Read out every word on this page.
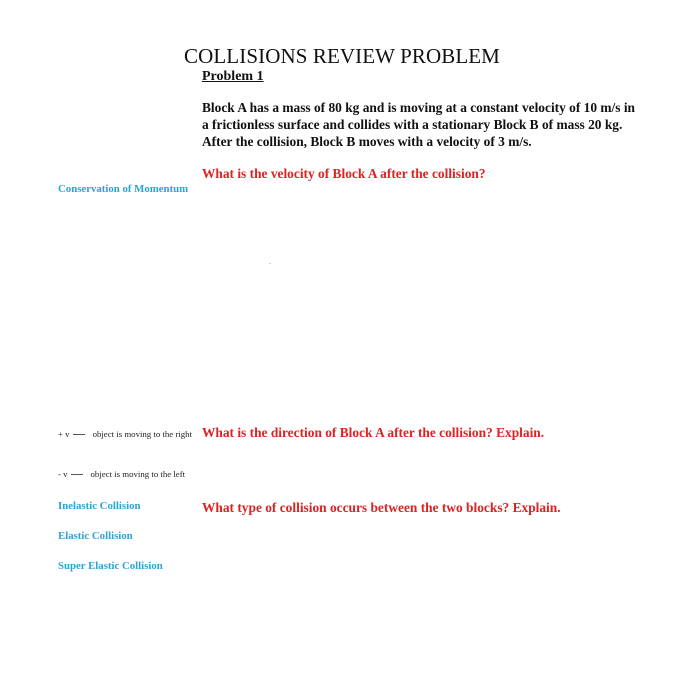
COLLISIONS REVIEW PROBLEM
Problem 1
Block A has a mass of 80 kg and is moving at a constant velocity of 10 m/s in a frictionless surface and collides with a stationary Block B of mass 20 kg. After the collision, Block B moves with a velocity of 3 m/s.
What is the velocity of Block A after the collision?
Conservation of Momentum
+ v	object is moving to the right What is the direction of Block A after the collision? Explain.
- v	object is moving to the left
Inelastic Collision	What type of collision occurs between the two blocks? Explain.
Elastic Collision
Super Elastic Collision
